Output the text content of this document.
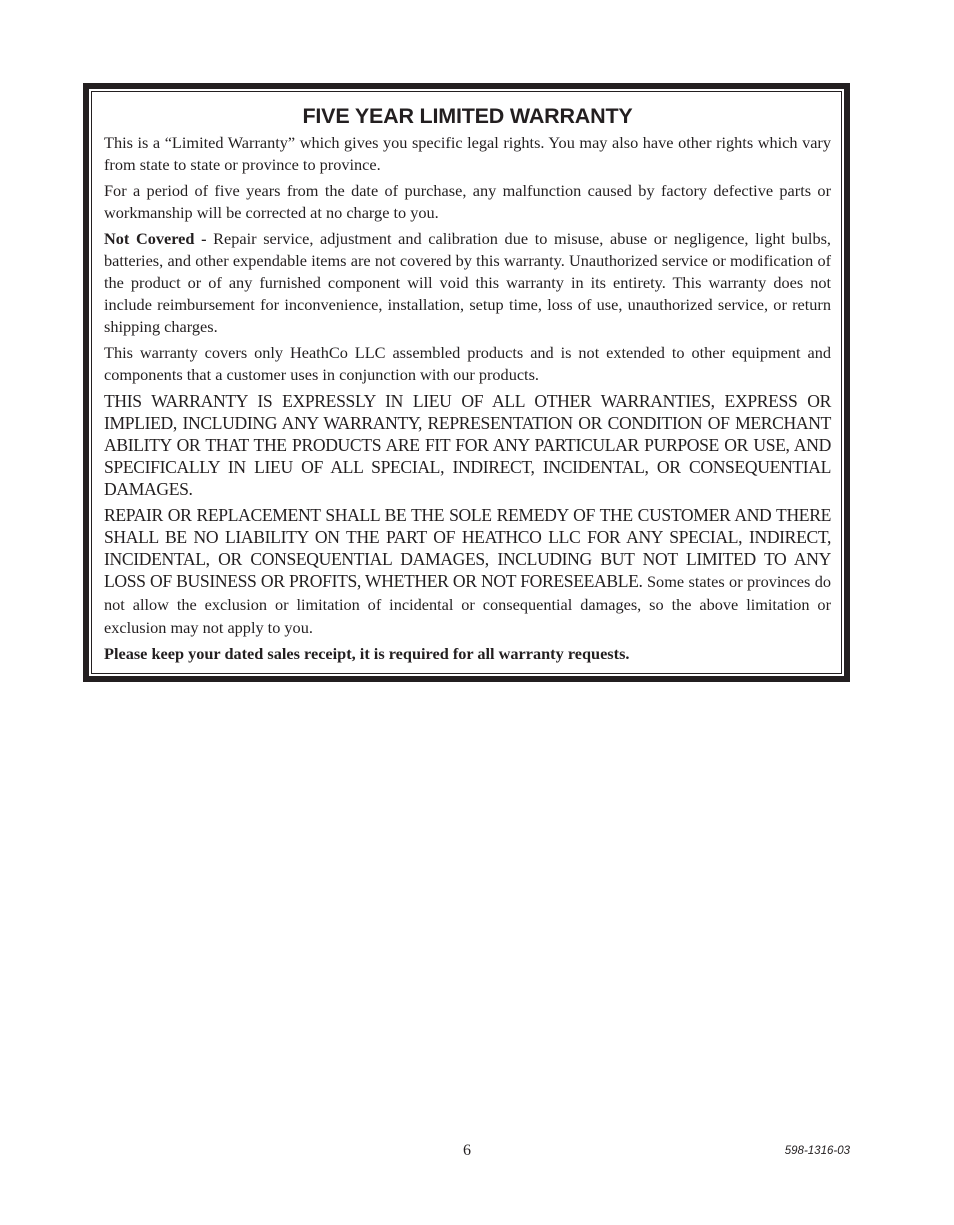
FIVE YEAR LIMITED WARRANTY

This is a “Limited Warranty” which gives you specific legal rights. You may also have other rights which vary from state to state or province to province.

For a period of five years from the date of purchase, any malfunction caused by factory defective parts or workmanship will be corrected at no charge to you.

Not Covered - Repair service, adjustment and calibration due to misuse, abuse or negligence, light bulbs, batteries, and other expendable items are not covered by this warranty. Unauthorized service or modification of the product or of any furnished component will void this warranty in its entirety. This warranty does not include reimbursement for inconvenience, installation, setup time, loss of use, unauthorized service, or return shipping charges.

This warranty covers only HeathCo LLC assembled products and is not extended to other equipment and components that a customer uses in conjunction with our products.

THIS WARRANTY IS EXPRESSLY IN LIEU OF ALL OTHER WARRANTIES, EXPRESS OR IMPLIED, INCLUDING ANY WARRANTY, REPRESENTATION OR CONDITION OF MERCHANT ABILITY OR THAT THE PRODUCTS ARE FIT FOR ANY PARTICULAR PURPOSE OR USE, AND SPECIFICALLY IN LIEU OF ALL SPECIAL, INDIRECT, INCIDENTAL, OR CONSEQUENTIAL DAMAGES.

REPAIR OR REPLACEMENT SHALL BE THE SOLE REMEDY OF THE CUSTOMER AND THERE SHALL BE NO LIABILITY ON THE PART OF HEATHCO LLC FOR ANY SPECIAL, INDIRECT, INCIDENTAL, OR CONSEQUENTIAL DAMAGES, INCLUDING BUT NOT LIMITED TO ANY LOSS OF BUSINESS OR PROFITS, WHETHER OR NOT FORESEEABLE. Some states or provinces do not allow the exclusion or limitation of incidental or consequential damages, so the above limitation or exclusion may not apply to you.

Please keep your dated sales receipt, it is required for all warranty requests.

6	598-1316-03
